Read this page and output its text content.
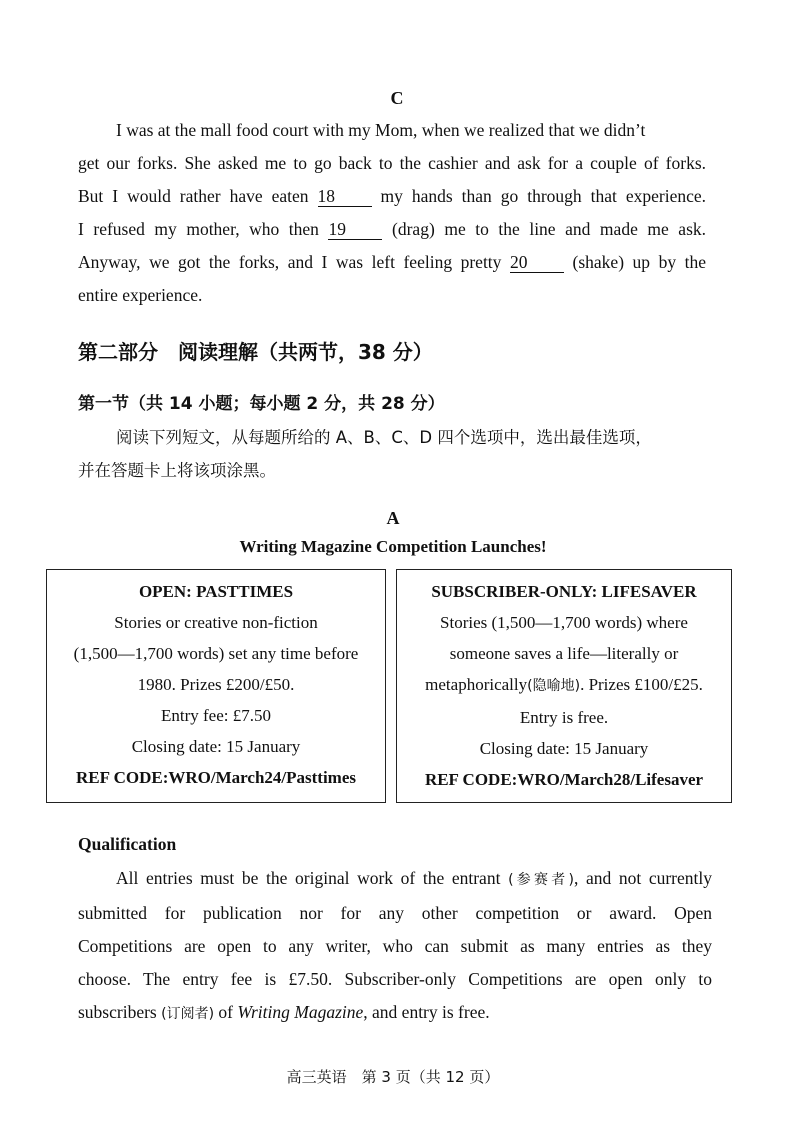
C
I was at the mall food court with my Mom, when we realized that we didn’t
get our forks. She asked me to go back to the cashier and ask for a couple of forks.
But I would rather have eaten 18	my hands than go through that experience.
I refused my mother, who then 19	(drag) me to the line and made me ask.
Anyway, we got the forks, and I was left feeling pretty 20	(shake) up by the
entire experience.
第二部分　阅读理解（共两节，38 分）
第一节（共 14 小题；每小题 2 分，共 28 分）
阅读下列短文，从每题所给的 A、B、C、D 四个选项中，选出最佳选项，
并在答题卡上将该项涂黑。
A
Writing Magazine Competition Launches!
OPEN: PASTTIMES
Stories or creative non-fiction
(1,500—1,700 words) set any time before
1980. Prizes £200/£50.
Entry fee: £7.50
Closing date: 15 January
REF CODE:WRO/March24/Pasttimes
SUBSCRIBER-ONLY: LIFESAVER
Stories (1,500—1,700 words) where
someone saves a life—literally or
metaphorically(隐喻地). Prizes £100/£25.
Entry is free.
Closing date: 15 January
REF CODE:WRO/March28/Lifesaver
Qualification
All entries must be the original work of the entrant (参赛者), and not currently
submitted for publication nor for any other competition or award. Open
Competitions are open to any writer, who can submit as many entries as they
choose. The entry fee is £7.50. Subscriber-only Competitions are open only to
subscribers (订阅者) of Writing Magazine, and entry is free.
高三英语　第 3 页（共 12 页）
